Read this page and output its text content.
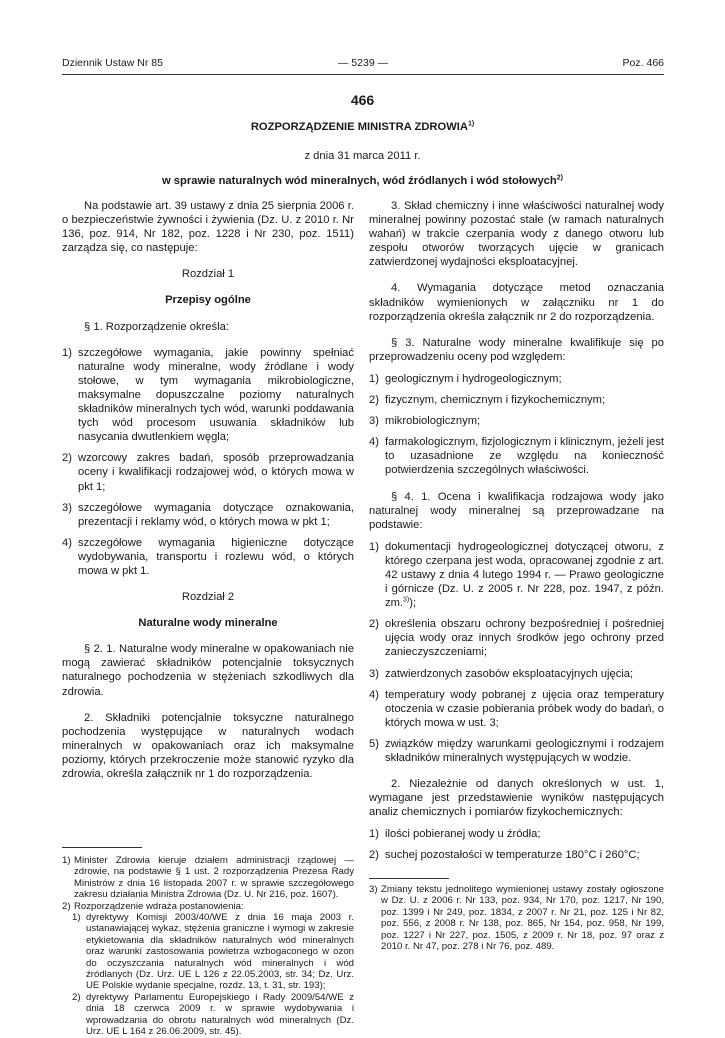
Dziennik Ustaw Nr 85	— 5239 —	Poz. 466
466
ROZPORZĄDZENIE MINISTRA ZDROWIA$^{1)}$
z dnia 31 marca 2011 r.
w sprawie naturalnych wód mineralnych, wód źródlanych i wód stołowych$^{2)}$

Na podstawie art. 39 ustawy z dnia 25 sierpnia 2006 r. o bezpieczeństwie żywności i żywienia (Dz. U. z 2010 r. Nr 136, poz. 914, Nr 182, poz. 1228 i Nr 230, poz. 1511) zarządza się, co następuje:

Rozdział 1

Przepisy ogólne

§ 1. Rozporządzenie określa:

1) szczegółowe wymagania, jakie powinny spełniać naturalne wody mineralne, wody źródlane i wody stołowe, w tym wymagania mikrobiologiczne, maksymalne dopuszczalne poziomy naturalnych składników mineralnych tych wód, warunki poddawania tych wód procesom usuwania składników lub nasycania dwutlenkiem węgla;
2) wzorcowy zakres badań, sposób przeprowadzania oceny i kwalifikacji rodzajowej wód, o których mowa w pkt 1;
3) szczegółowe wymagania dotyczące oznakowania, prezentacji i reklamy wód, o których mowa w pkt 1;
4) szczegółowe wymagania higieniczne dotyczące wydobywania, transportu i rozlewu wód, o których mowa w pkt 1.

Rozdział 2

Naturalne wody mineralne

§ 2. 1. Naturalne wody mineralne w opakowaniach nie mogą zawierać składników potencjalnie toksycznych naturalnego pochodzenia w stężeniach szkodliwych dla zdrowia.

2. Składniki potencjalnie toksyczne naturalnego pochodzenia występujące w naturalnych wodach mineralnych w opakowaniach oraz ich maksymalne poziomy, których przekroczenie może stanowić ryzyko dla zdrowia, określa załącznik nr 1 do rozporządzenia.

3. Skład chemiczny i inne właściwości naturalnej wody mineralnej powinny pozostać stałe (w ramach naturalnych wahań) w trakcie czerpania wody z danego otworu lub zespołu otworów tworzących ujęcie w granicach zatwierdzonej wydajności eksploatacyjnej.

4. Wymagania dotyczące metod oznaczania składników wymienionych w załączniku nr 1 do rozporządzenia określa załącznik nr 2 do rozporządzenia.

§ 3. Naturalne wody mineralne kwalifikuje się po przeprowadzeniu oceny pod względem:

1) geologicznym i hydrogeologicznym;
2) fizycznym, chemicznym i fizykochemicznym;
3) mikrobiologicznym;
4) farmakologicznym, fizjologicznym i klinicznym, jeżeli jest to uzasadnione ze względu na konieczność potwierdzenia szczególnych właściwości.

§ 4. 1. Ocena i kwalifikacja rodzajowa wody jako naturalnej wody mineralnej są przeprowadzane na podstawie:

1) dokumentacji hydrogeologicznej dotyczącej otworu, z którego czerpana jest woda, opracowanej zgodnie z art. 42 ustawy z dnia 4 lutego 1994 r. — Prawo geologiczne i górnicze (Dz. U. z 2005 r. Nr 228, poz. 1947, z późn. zm.$^{3)}$);
2) określenia obszaru ochrony bezpośredniej i pośredniej ujęcia wody oraz innych środków jego ochrony przed zanieczyszczeniami;
3) zatwierdzonych zasobów eksploatacyjnych ujęcia;
4) temperatury wody pobranej z ujęcia oraz temperatury otoczenia w czasie pobierania próbek wody do badań, o których mowa w ust. 3;
5) związków między warunkami geologicznymi i rodzajem składników mineralnych występujących w wodzie.

2. Niezależnie od danych określonych w ust. 1, wymagane jest przedstawienie wyników następujących analiz chemicznych i pomiarów fizykochemicznych:

1) ilości pobieranej wody u źródła;
2) suchej pozostałości w temperaturze 180°C i 260°C;
1) Minister Zdrowia kieruje działem administracji rządowej — zdrowie, na podstawie § 1 ust. 2 rozporządzenia Prezesa Rady Ministrów z dnia 16 listopada 2007 r. w sprawie szczegółowego zakresu działania Ministra Zdrowia (Dz. U. Nr 216, poz. 1607).
2) Rozporządzenie wdraża postanowienia:
1) dyrektywy Komisji 2003/40/WE z dnia 16 maja 2003 r. ustanawiającej wykaz, stężenia graniczne i wymogi w zakresie etykietowania dla składników naturalnych wód mineralnych oraz warunki zastosowania powietrza wzbogaconego w ozon do oczyszczania naturalnych wód mineralnych i wód źródlanych (Dz. Urz. UE L 126 z 22.05.2003, str. 34; Dz. Urz. UE Polskie wydanie specjalne, rozdz. 13, t. 31, str. 193);
2) dyrektywy Parlamentu Europejskiego i Rady 2009/54/WE z dnia 18 czerwca 2009 r. w sprawie wydobywania i wprowadzania do obrotu naturalnych wód mineralnych (Dz. Urz. UE L 164 z 26.06.2009, str. 45).
3) Zmiany tekstu jednolitego wymienionej ustawy zostały ogłoszone w Dz. U. z 2006 r. Nr 133, poz. 934, Nr 170, poz. 1217, Nr 190, poz. 1399 i Nr 249, poz. 1834, z 2007 r. Nr 21, poz. 125 i Nr 82, poz. 556, z 2008 r. Nr 138, poz. 865, Nr 154, poz. 958, Nr 199, poz. 1227 i Nr 227, poz. 1505, z 2009 r. Nr 18, poz. 97 oraz z 2010 r. Nr 47, poz. 278 i Nr 76, poz. 489.
